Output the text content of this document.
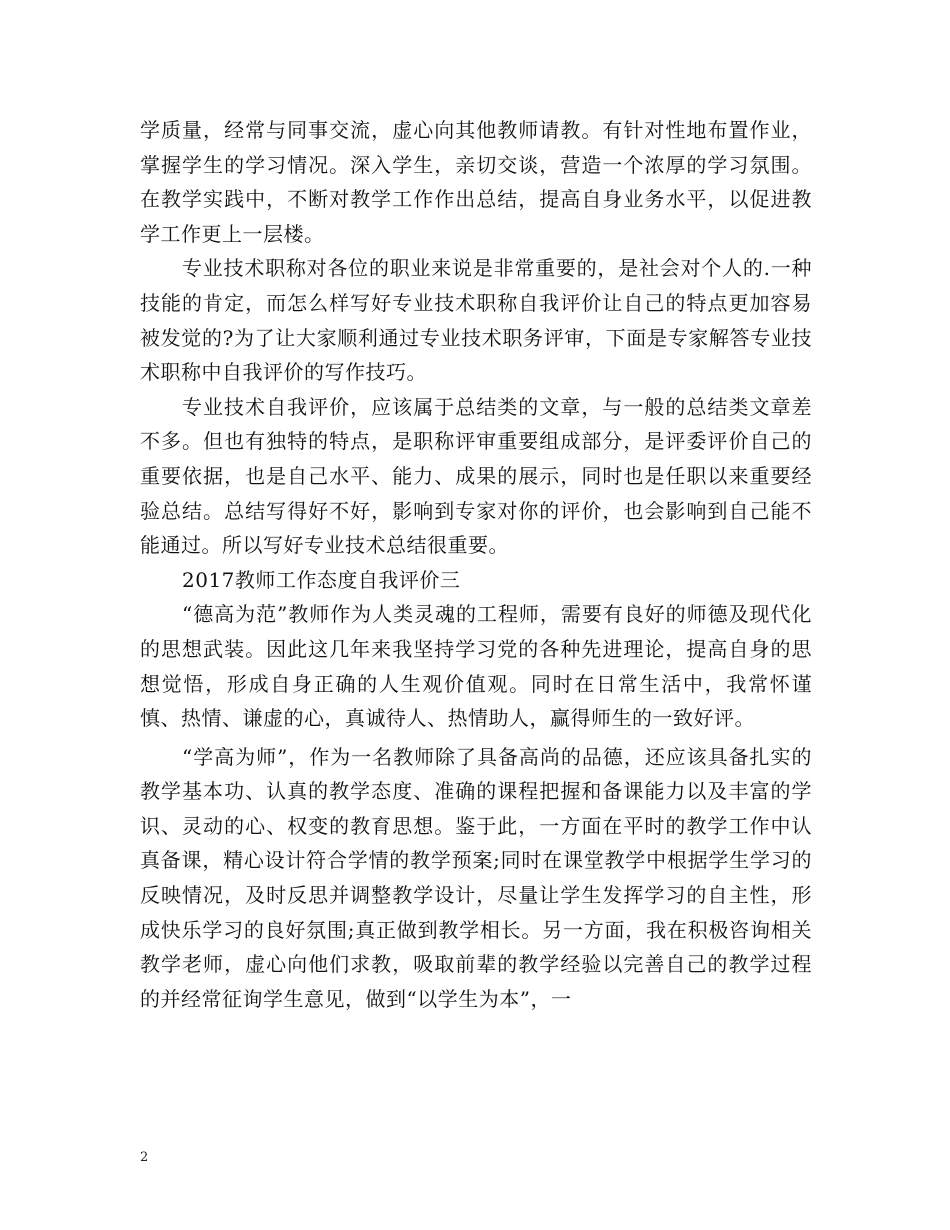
学质量，经常与同事交流，虚心向其他教师请教。有针对性地布置作业，掌握学生的学习情况。深入学生，亲切交谈，营造一个浓厚的学习氛围。在教学实践中，不断对教学工作作出总结，提高自身业务水平，以促进教学工作更上一层楼。

专业技术职称对各位的职业来说是非常重要的，是社会对个人的.一种技能的肯定，而怎么样写好专业技术职称自我评价让自己的特点更加容易被发觉的?为了让大家顺利通过专业技术职务评审，下面是专家解答专业技术职称中自我评价的写作技巧。

专业技术自我评价，应该属于总结类的文章，与一般的总结类文章差不多。但也有独特的特点，是职称评审重要组成部分，是评委评价自己的重要依据，也是自己水平、能力、成果的展示，同时也是任职以来重要经验总结。总结写得好不好，影响到专家对你的评价，也会影响到自己能不能通过。所以写好专业技术总结很重要。

2017教师工作态度自我评价三

“德高为范”教师作为人类灵魂的工程师，需要有良好的师德及现代化的思想武装。因此这几年来我坚持学习党的各种先进理论，提高自身的思想觉悟，形成自身正确的人生观价值观。同时在日常生活中，我常怀谨慎、热情、谦虚的心，真诚待人、热情助人，赢得师生的一致好评。

“学高为师”，作为一名教师除了具备高尚的品德，还应该具备扎实的教学基本功、认真的教学态度、准确的课程把握和备课能力以及丰富的学识、灵动的心、权变的教育思想。鉴于此，一方面在平时的教学工作中认真备课，精心设计符合学情的教学预案;同时在课堂教学中根据学生学习的反映情况，及时反思并调整教学设计，尽量让学生发挥学习的自主性，形成快乐学习的良好氛围;真正做到教学相长。另一方面，我在积极咨询相关教学老师，虚心向他们求教，吸取前辈的教学经验以完善自己的教学过程的并经常征询学生意见，做到“以学生为本”，一

2
